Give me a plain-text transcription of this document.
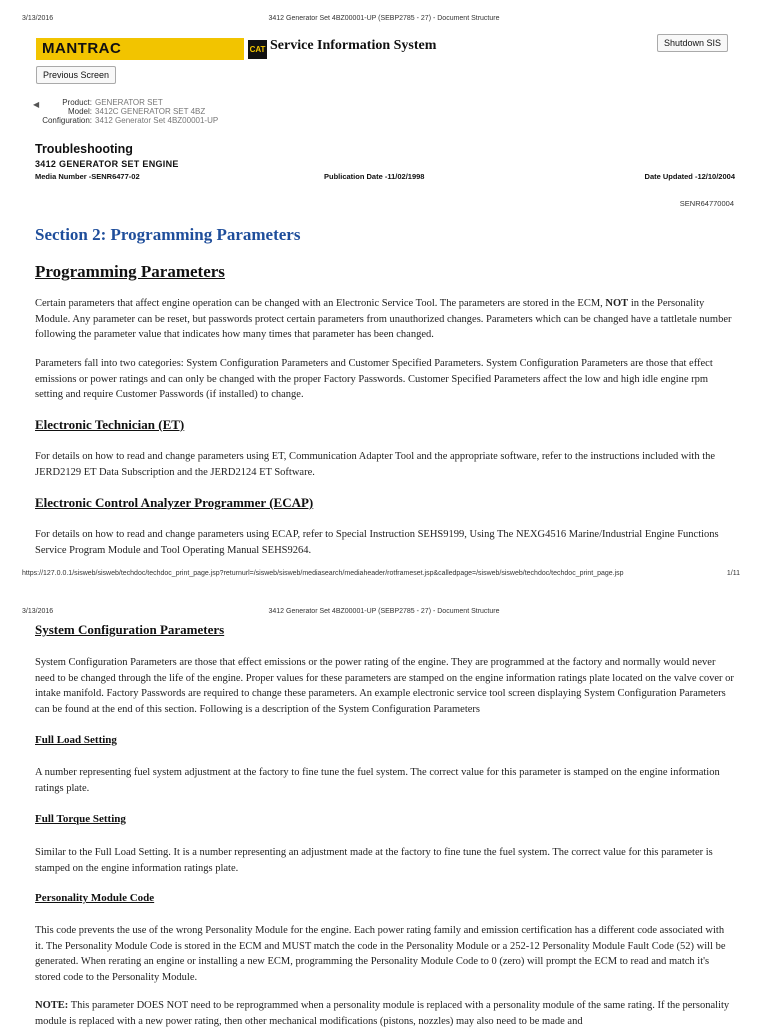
3/13/2016	3412 Generator Set 4BZ00001-UP (SEBP2785 - 27) - Document Structure
MANTRAC	CAT Service Information System	Shutdown SIS
Previous Screen
◀	Product: GENERATOR SET
Model: 3412C GENERATOR SET 4BZ
Configuration: 3412 Generator Set 4BZ00001-UP
Troubleshooting
3412 GENERATOR SET ENGINE
Media Number -SENR6477-02	Publication Date -11/02/1998	Date Updated -12/10/2004
SENR64770004
Section 2: Programming Parameters
Programming Parameters
Certain parameters that affect engine operation can be changed with an Electronic Service Tool. The parameters are stored in the ECM, NOT in the Personality Module. Any parameter can be reset, but passwords protect certain parameters from unauthorized changes. Parameters which can be changed have a tattletale number following the parameter value that indicates how many times that parameter has been changed.
Parameters fall into two categories: System Configuration Parameters and Customer Specified Parameters. System Configuration Parameters are those that effect emissions or power ratings and can only be changed with the proper Factory Passwords. Customer Specified Parameters affect the low and high idle engine rpm setting and require Customer Passwords (if installed) to change.
Electronic Technician (ET)
For details on how to read and change parameters using ET, Communication Adapter Tool and the appropriate software, refer to the instructions included with the JERD2129 ET Data Subscription and the JERD2124 ET Software.
Electronic Control Analyzer Programmer (ECAP)
For details on how to read and change parameters using ECAP, refer to Special Instruction SEHS9199, Using The NEXG4516 Marine/Industrial Engine Functions Service Program Module and Tool Operating Manual SEHS9264.
https://127.0.0.1/sisweb/sisweb/techdoc/techdoc_print_page.jsp?returnurl=/sisweb/sisweb/mediasearch/mediaheader/rotframeset.jsp&calledpage=/sisweb/sisweb/techdoc/techdoc_print_page.jsp	1/11
3/13/2016	3412 Generator Set 4BZ00001-UP (SEBP2785 - 27) - Document Structure
System Configuration Parameters
System Configuration Parameters are those that effect emissions or the power rating of the engine. They are programmed at the factory and normally would never need to be changed through the life of the engine. Proper values for these parameters are stamped on the engine information ratings plate located on the valve cover or intake manifold. Factory Passwords are required to change these parameters. An example electronic service tool screen displaying System Configuration Parameters can be found at the end of this section. Following is a description of the System Configuration Parameters
Full Load Setting
A number representing fuel system adjustment at the factory to fine tune the fuel system. The correct value for this parameter is stamped on the engine information ratings plate.
Full Torque Setting
Similar to the Full Load Setting. It is a number representing an adjustment made at the factory to fine tune the fuel system. The correct value for this parameter is stamped on the engine information ratings plate.
Personality Module Code
This code prevents the use of the wrong Personality Module for the engine. Each power rating family and emission certification has a different code associated with it. The Personality Module Code is stored in the ECM and MUST match the code in the Personality Module or a 252-12 Personality Module Fault Code (52) will be generated. When rerating an engine or installing a new ECM, programming the Personality Module Code to 0 (zero) will prompt the ECM to read and match it's stored code to the Personality Module.
NOTE: This parameter DOES NOT need to be reprogrammed when a personality module is replaced with a personality module of the same rating. If the personality module is replaced with a new power rating, then other mechanical modifications (pistons, nozzles) may also need to be made and
